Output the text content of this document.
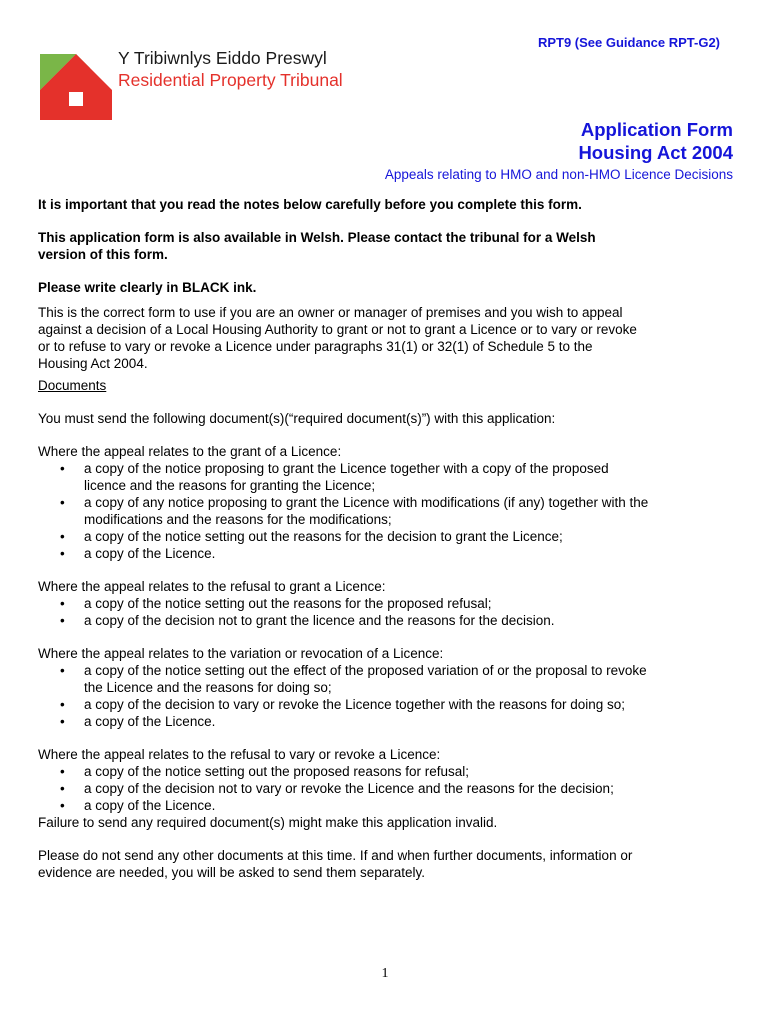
RPT9 (See Guidance RPT-G2)
Y Tribiwnlys Eiddo Preswyl
Residential Property Tribunal
Application Form
Housing Act 2004
Appeals relating to HMO and non-HMO Licence Decisions

It is important that you read the notes below carefully before you complete this form.

This application form is also available in Welsh. Please contact the tribunal for a Welsh

version of this form.

Please write clearly in BLACK ink.

This is the correct form to use if you are an owner or manager of premises and you wish to appeal

against a decision of a Local Housing Authority to grant or not to grant a Licence or to vary or revoke

or to refuse to vary or revoke a Licence under paragraphs 31(1) or 32(1) of Schedule 5 to the

Housing Act 2004.

Documents

You must send the following document(s)(“required document(s)”) with this application:

Where the appeal relates to the grant of a Licence:

• a copy of the notice proposing to grant the Licence together with a copy of the proposed
licence and the reasons for granting the Licence;
• a copy of any notice proposing to grant the Licence with modifications (if any) together with the
modifications and the reasons for the modifications;
• a copy of the notice setting out the reasons for the decision to grant the Licence;
• a copy of the Licence.

Where the appeal relates to the refusal to grant a Licence:

• a copy of the notice setting out the reasons for the proposed refusal;
• a copy of the decision not to grant the licence and the reasons for the decision.

Where the appeal relates to the variation or revocation of a Licence:

• a copy of the notice setting out the effect of the proposed variation of or the proposal to revoke
the Licence and the reasons for doing so;
• a copy of the decision to vary or revoke the Licence together with the reasons for doing so;
• a copy of the Licence.

Where the appeal relates to the refusal to vary or revoke a Licence:

• a copy of the notice setting out the proposed reasons for refusal;
• a copy of the decision not to vary or revoke the Licence and the reasons for the decision;
• a copy of the Licence.

Failure to send any required document(s) might make this application invalid.

Please do not send any other documents at this time. If and when further documents, information or

evidence are needed, you will be asked to send them separately.

1
